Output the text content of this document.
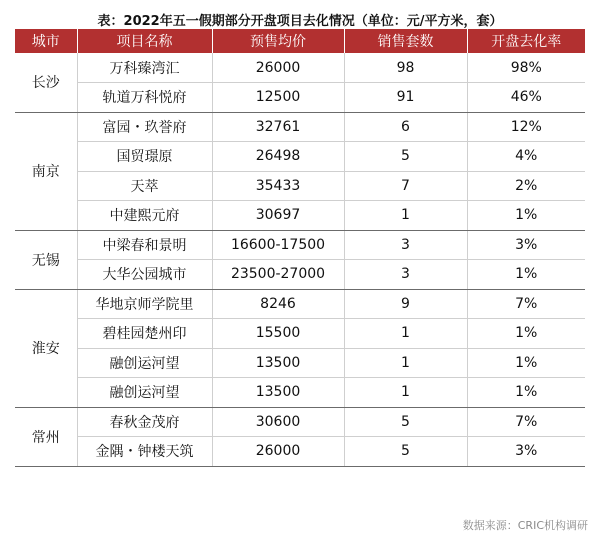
表：2022年五一假期部分开盘项目去化情况（单位：元/平方米，套）
城市	项目名称	预售均价	销售套数	开盘去化率
长沙	万科臻湾汇	26000	98	98%
	轨道万科悦府	12500	91	46%
南京	富园・玖誉府	32761	6	12%
	国贸璟原	26498	5	4%
	天萃	35433	7	2%
	中建熙元府	30697	1	1%
无锡	中梁春和景明	16600-17500	3	3%
	大华公园城市	23500-27000	3	1%
淮安	华地京师学院里	8246	9	7%
	碧桂园楚州印	15500	1	1%
	融创运河望	13500	1	1%
	融创运河望	13500	1	1%
常州	春秋金茂府	30600	5	7%
	金隅・钟楼天筑	26000	5	3%
数据来源：CRIC机构调研
